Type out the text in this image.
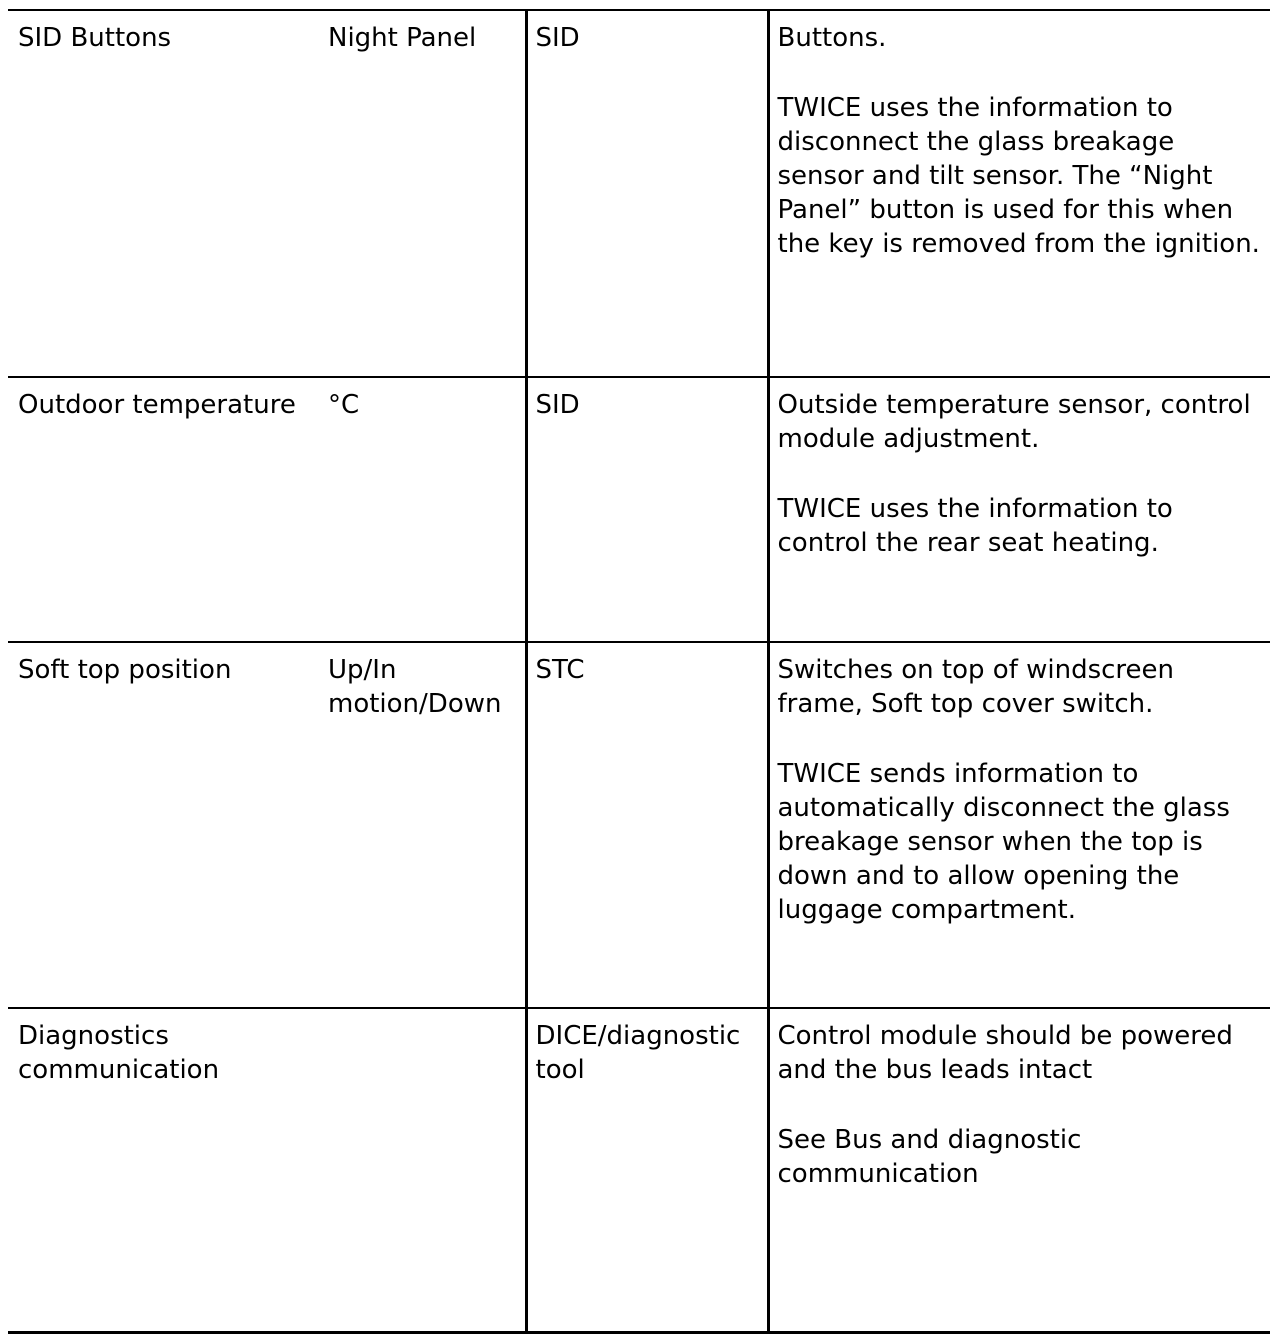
SID Buttons	Night Panel	SID	Buttons.

TWICE uses the information to disconnect the glass breakage sensor and tilt sensor. The “Night Panel” button is used for this when the key is removed from the ignition.

Outdoor temperature	°C	SID	Outside temperature sensor, control module adjustment.

TWICE uses the information to control the rear seat heating.

Soft top position	Up/In motion/Down	STC	Switches on top of windscreen frame, Soft top cover switch.

TWICE sends information to automatically disconnect the glass breakage sensor when the top is down and to allow opening the luggage compartment.

Diagnostics communication		DICE/diagnostic tool	Control module should be powered and the bus leads intact

See Bus and diagnostic communication
